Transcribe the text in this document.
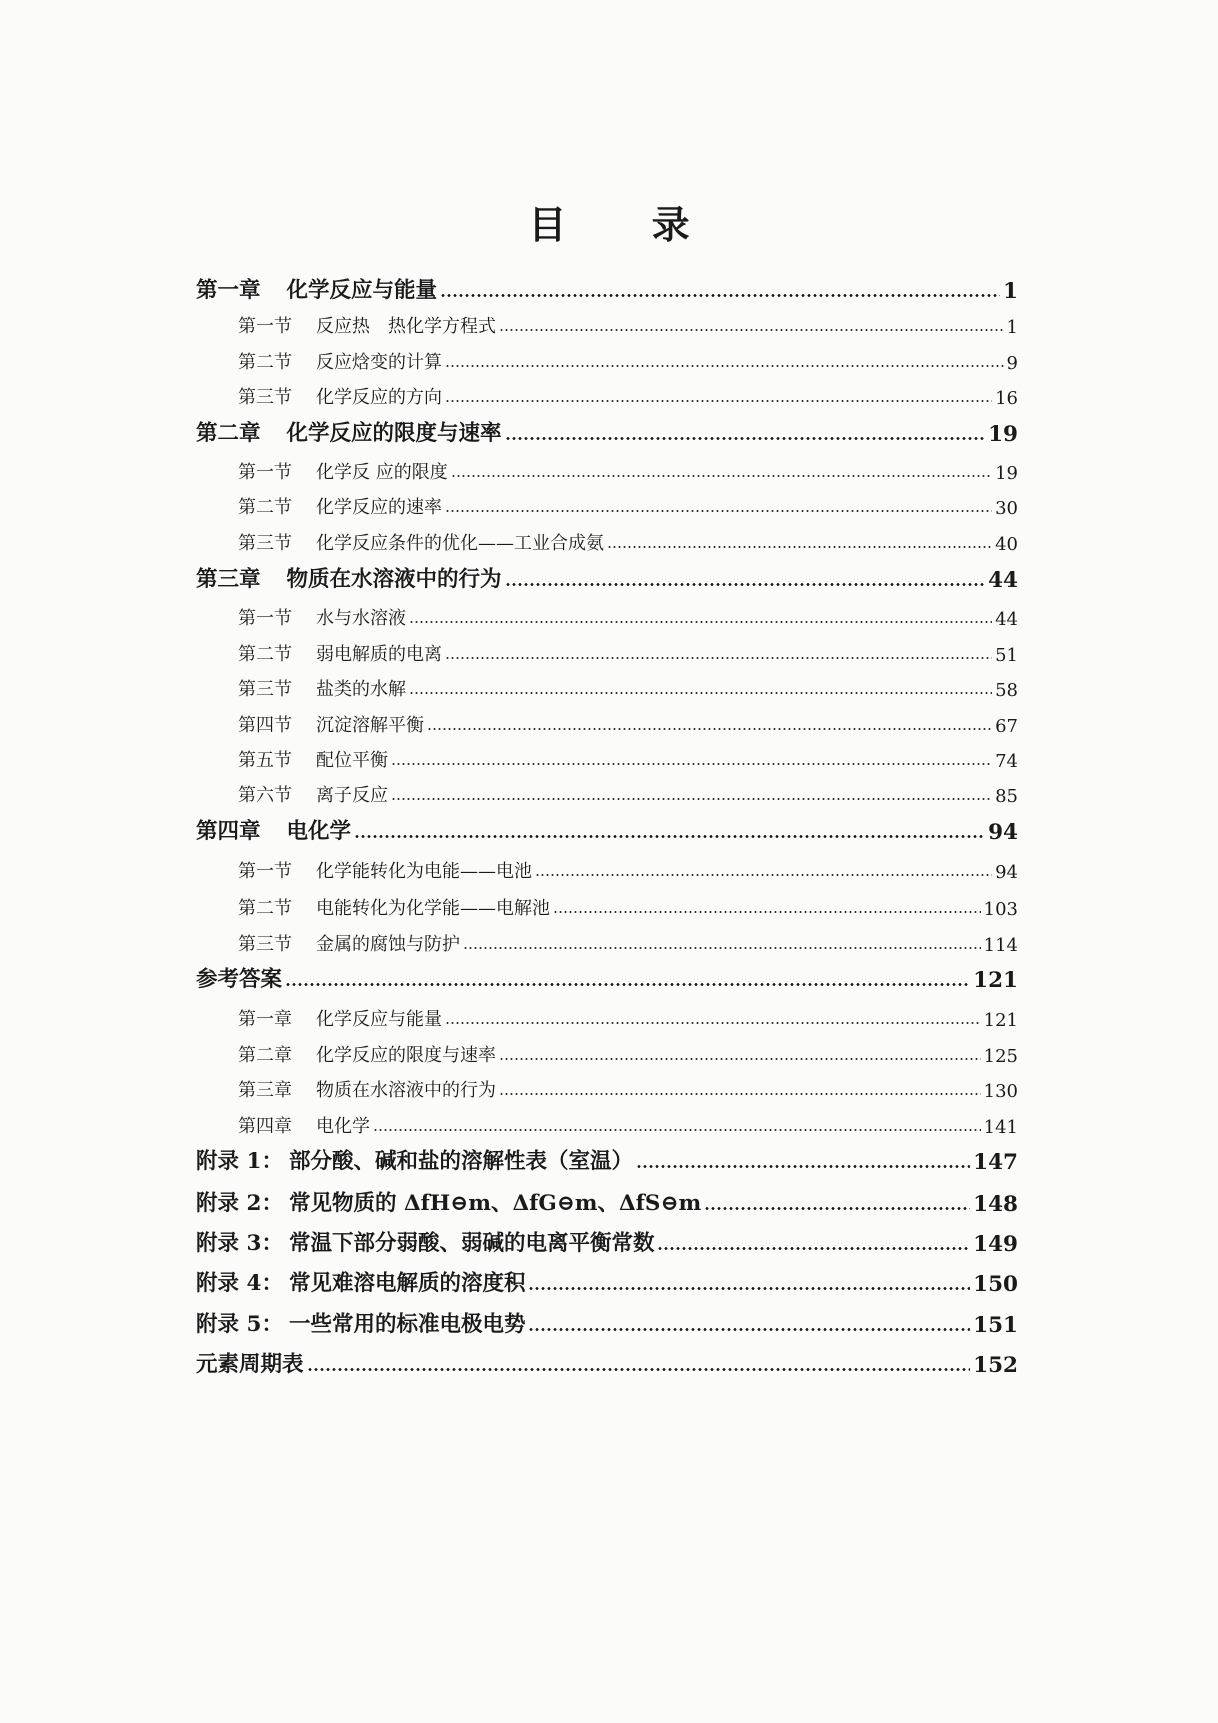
目 录
第一章 化学反应与能量	1
第一节 反应热　热化学方程式	1
第二节 反应焓变的计算	9
第三节 化学反应的方向	16
第二章 化学反应的限度与速率	19
第一节 化学反 应的限度	19
第二节 化学反应的速率	30
第三节 化学反应条件的优化——工业合成氨	40
第三章 物质在水溶液中的行为	44
第一节 水与水溶液	44
第二节 弱电解质的电离	51
第三节 盐类的水解	58
第四节 沉淀溶解平衡	67
第五节 配位平衡	74
第六节 离子反应	85
第四章 电化学	94
第一节 化学能转化为电能——电池	94
第二节 电能转化为化学能——电解池	103
第三节 金属的腐蚀与防护	114
参考答案	121
第一章 化学反应与能量	121
第二章 化学反应的限度与速率	125
第三章 物质在水溶液中的行为	130
第四章 电化学	141
附录 1： 部分酸、碱和盐的溶解性表（室温）	147
附录 2： 常见物质的 ΔfH⊖m、ΔfG⊖m、ΔfS⊖m	148
附录 3： 常温下部分弱酸、弱碱的电离平衡常数	149
附录 4： 常见难溶电解质的溶度积	150
附录 5： 一些常用的标准电极电势	151
元素周期表	152
